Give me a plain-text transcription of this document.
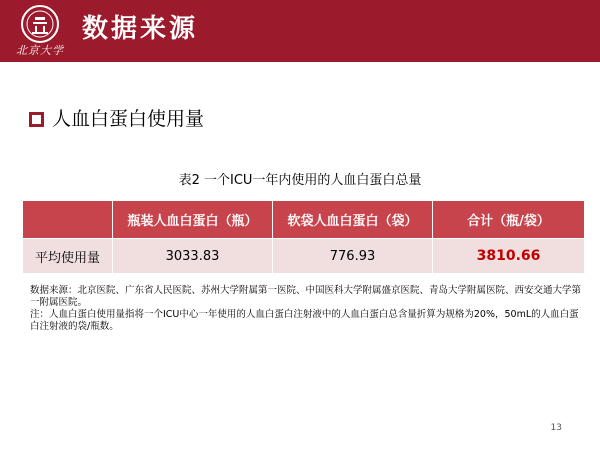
北京大学
数据来源
人血白蛋白使用量
表2 一个ICU一年内使用的人血白蛋白总量
	瓶装人血白蛋白（瓶）	软袋人血白蛋白（袋）	合计（瓶/袋）
平均使用量	3033.83	776.93	3810.66

数据来源：北京医院、广东省人民医院、苏州大学附属第一医院、中国医科大学附属盛京医院、青岛大学附属医院、西安交通大学第一附属医院。

注：人血白蛋白使用量指将一个ICU中心一年使用的人血白蛋白注射液中的人血白蛋白总含量折算为规格为20%，50mL的人血白蛋白注射液的袋/瓶数。

13
